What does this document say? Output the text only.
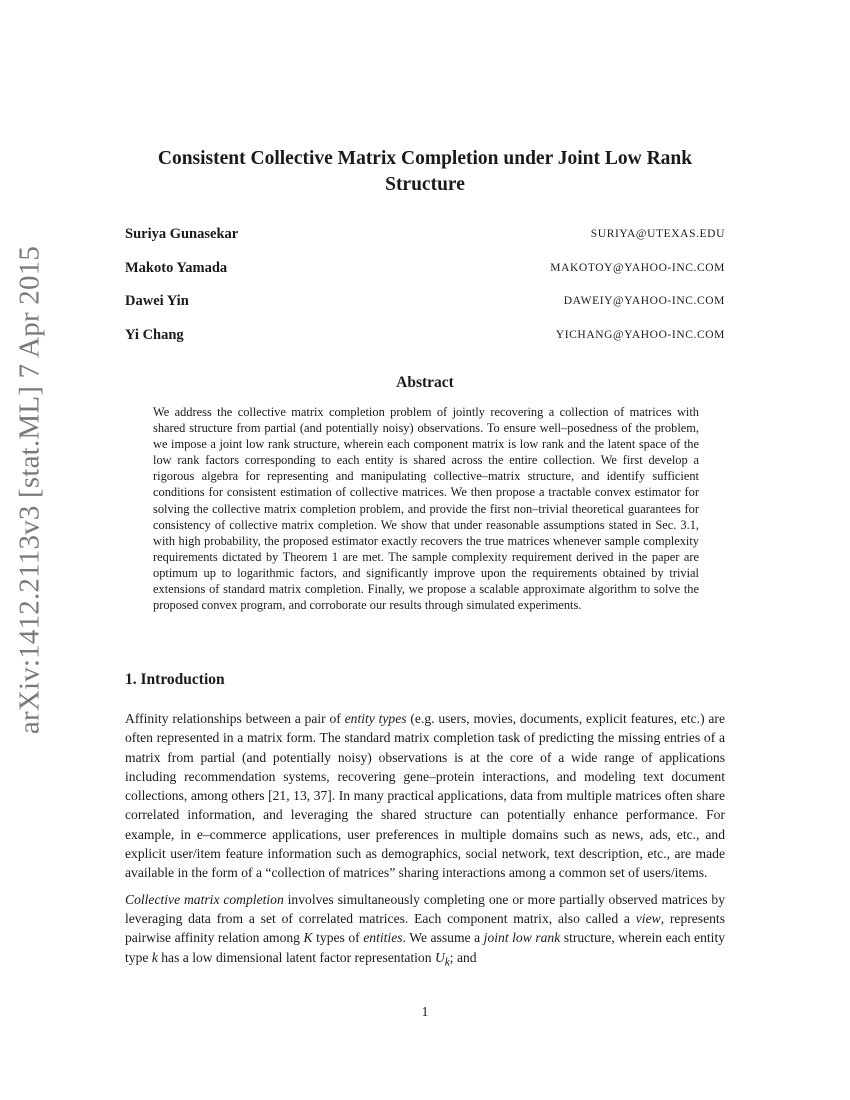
arXiv:1412.2113v3 [stat.ML] 7 Apr 2015
Consistent Collective Matrix Completion under Joint Low Rank Structure
Suriya Gunasekar	SURIYA@UTEXAS.EDU
Makoto Yamada	MAKOTOY@YAHOO-INC.COM
Dawei Yin	DAWEIY@YAHOO-INC.COM
Yi Chang	YICHANG@YAHOO-INC.COM
Abstract

We address the collective matrix completion problem of jointly recovering a collection of matrices with shared structure from partial (and potentially noisy) observations. To ensure well–posedness of the problem, we impose a joint low rank structure, wherein each component matrix is low rank and the latent space of the low rank factors corresponding to each entity is shared across the entire collection. We first develop a rigorous algebra for representing and manipulating collective–matrix structure, and identify sufficient conditions for consistent estimation of collective matrices. We then propose a tractable convex estimator for solving the collective matrix completion problem, and provide the first non–trivial theoretical guarantees for consistency of collective matrix completion. We show that under reasonable assumptions stated in Sec. 3.1, with high probability, the proposed estimator exactly recovers the true matrices whenever sample complexity requirements dictated by Theorem 1 are met. The sample complexity requirement derived in the paper are optimum up to logarithmic factors, and significantly improve upon the requirements obtained by trivial extensions of standard matrix completion. Finally, we propose a scalable approximate algorithm to solve the proposed convex program, and corroborate our results through simulated experiments.

1. Introduction

Affinity relationships between a pair of entity types (e.g. users, movies, documents, explicit features, etc.) are often represented in a matrix form. The standard matrix completion task of predicting the missing entries of a matrix from partial (and potentially noisy) observations is at the core of a wide range of applications including recommendation systems, recovering gene–protein interactions, and modeling text document collections, among others [21, 13, 37]. In many practical applications, data from multiple matrices often share correlated information, and leveraging the shared structure can potentially enhance performance. For example, in e–commerce applications, user preferences in multiple domains such as news, ads, etc., and explicit user/item feature information such as demographics, social network, text description, etc., are made available in the form of a “collection of matrices” sharing interactions among a common set of users/items.

Collective matrix completion involves simultaneously completing one or more partially observed matrices by leveraging data from a set of correlated matrices. Each component matrix, also called a view, represents pairwise affinity relation among K types of entities. We assume a joint low rank structure, wherein each entity type k has a low dimensional latent factor representation $U_k$; and

1
